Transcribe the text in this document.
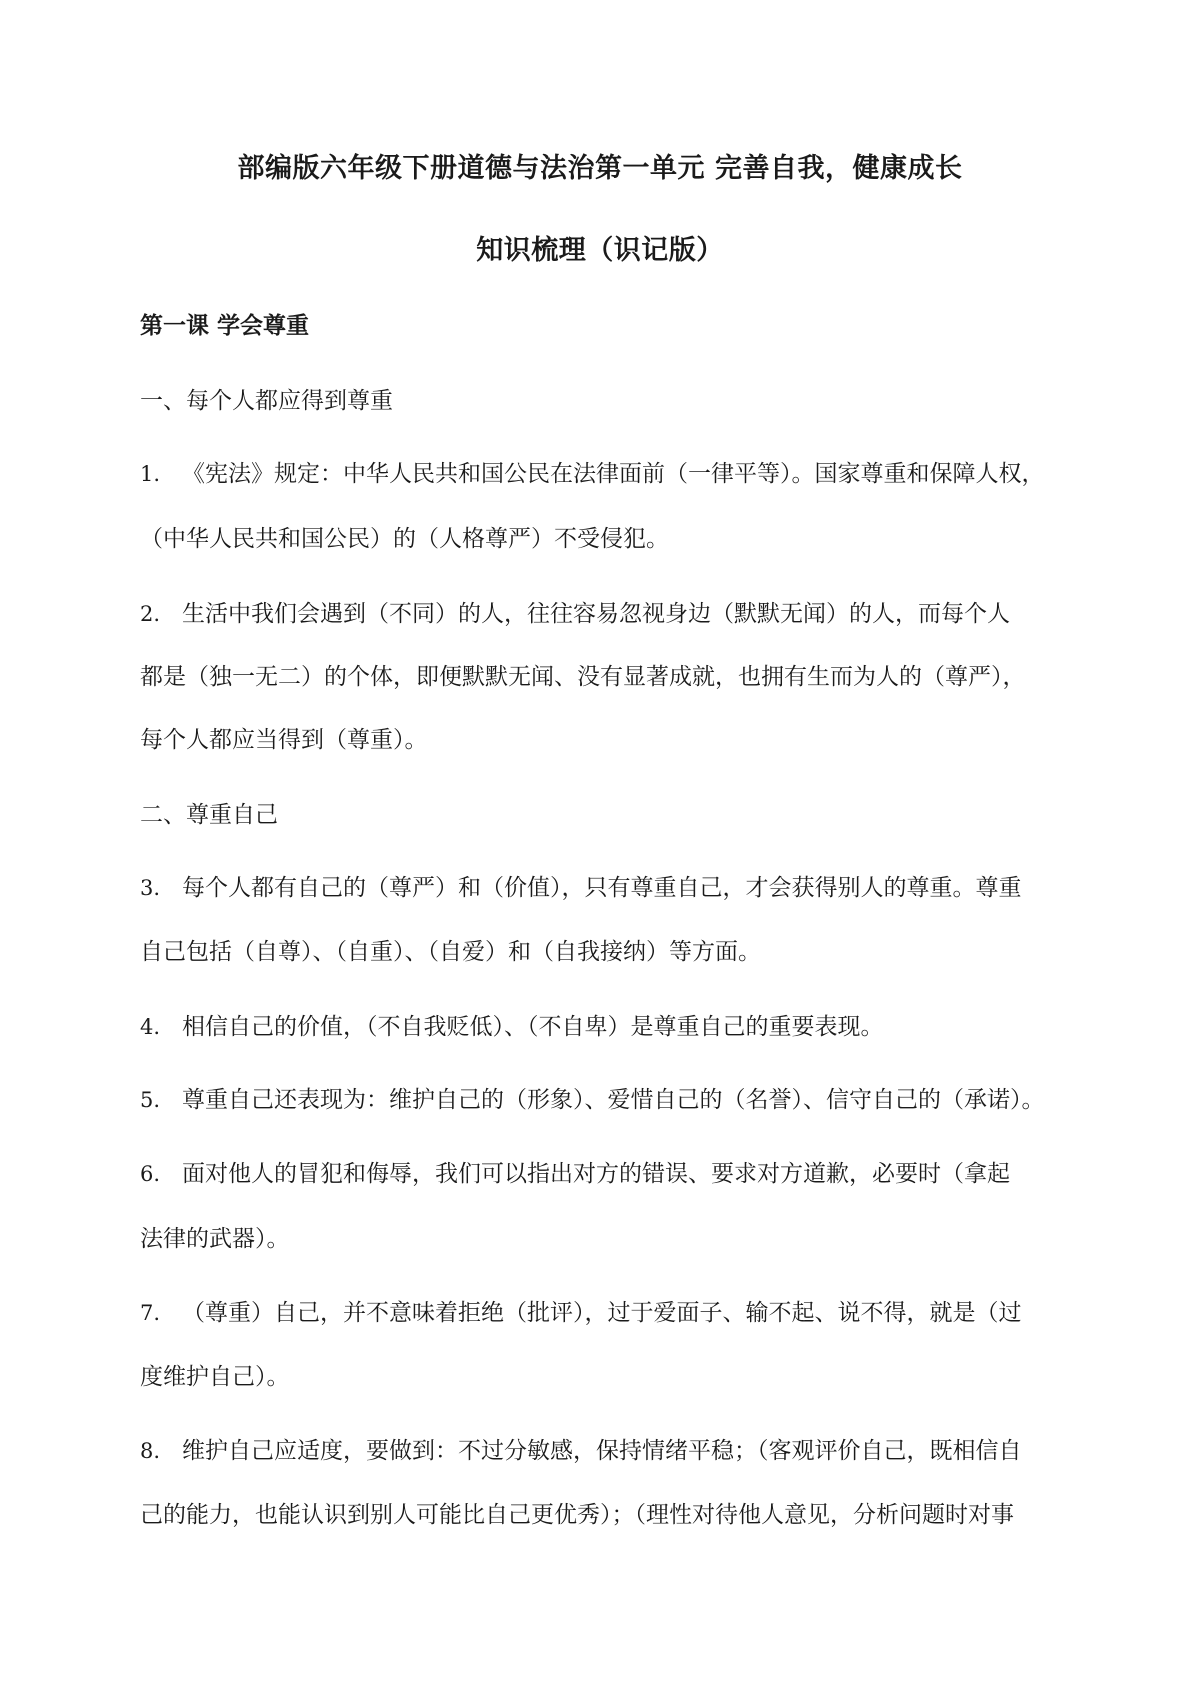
部编版六年级下册道德与法治第一单元 完善自我，健康成长
知识梳理（识记版）
第一课 学会尊重
一、每个人都应得到尊重
1. 《宪法》规定：中华人民共和国公民在法律面前（一律平等）。国家尊重和保障人权，
（中华人民共和国公民）的（人格尊严）不受侵犯。
2. 生活中我们会遇到（不同）的人，往往容易忽视身边（默默无闻）的人，而每个人
都是（独一无二）的个体，即便默默无闻、没有显著成就，也拥有生而为人的（尊严），
每个人都应当得到（尊重）。
二、尊重自己
3. 每个人都有自己的（尊严）和（价值），只有尊重自己，才会获得别人的尊重。尊重
自己包括（自尊）、（自重）、（自爱）和（自我接纳）等方面。
4. 相信自己的价值，（不自我贬低）、（不自卑）是尊重自己的重要表现。
5. 尊重自己还表现为：维护自己的（形象）、爱惜自己的（名誉）、信守自己的（承诺）。
6. 面对他人的冒犯和侮辱，我们可以指出对方的错误、要求对方道歉，必要时（拿起
法律的武器）。
7. （尊重）自己，并不意味着拒绝（批评），过于爱面子、输不起、说不得，就是（过
度维护自己）。
8. 维护自己应适度，要做到：不过分敏感，保持情绪平稳；（客观评价自己，既相信自
己的能力，也能认识到别人可能比自己更优秀）；（理性对待他人意见，分析问题时对事
